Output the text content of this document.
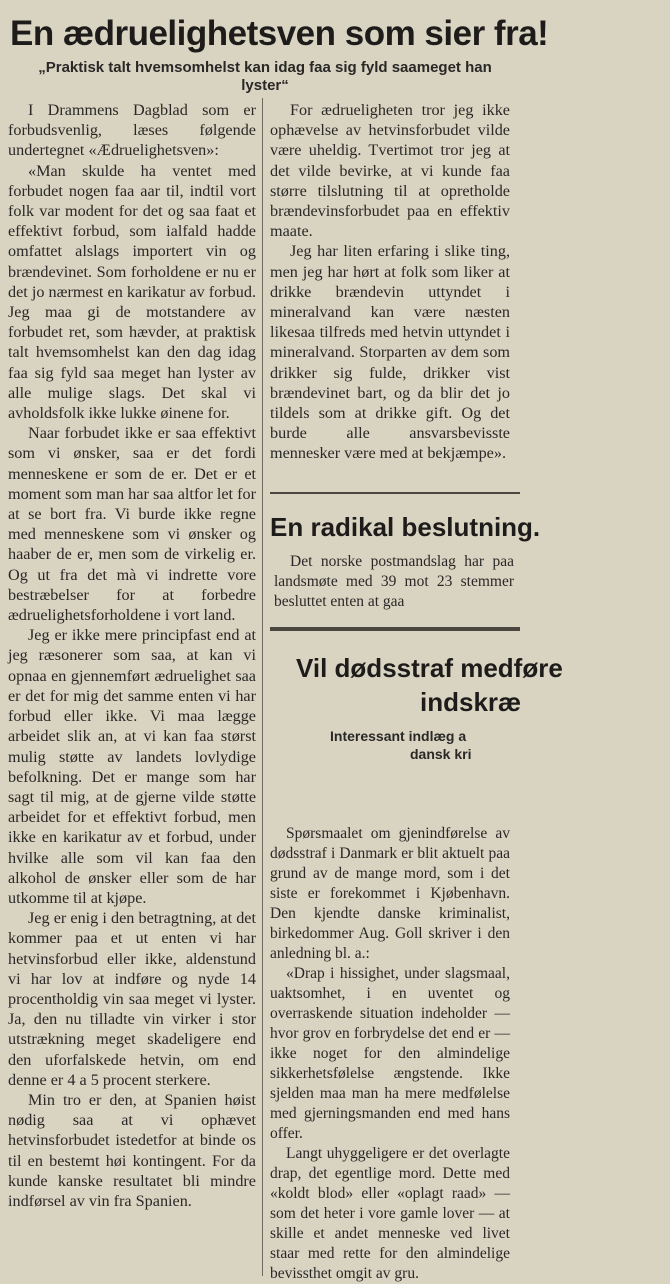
En ædruelighetsven som sier fra!
„Praktisk talt hvemsomhelst kan idag faa sig fyld saameget han lyster“

I Drammens Dagblad som er forbudsvenlig, læses følgende undertegnet «Ædruelighetsven»:

«Man skulde ha ventet med forbudet nogen faa aar til, indtil vort folk var modent for det og saa faat et effektivt forbud, som ialfald hadde omfattet alslags importert vin og brændevinet. Som forholdene er nu er det jo nærmest en karikatur av forbud. Jeg maa gi de motstandere av forbudet ret, som hævder, at praktisk talt hvemsomhelst kan den dag idag faa sig fyld saa meget han lyster av alle mulige slags. Det skal vi avholdsfolk ikke lukke øinene for.

Naar forbudet ikke er saa effektivt som vi ønsker, saa er det fordi menneskene er som de er. Det er et moment som man har saa altfor let for at se bort fra. Vi burde ikke regne med menneskene som vi ønsker og haaber de er, men som de virkelig er. Og ut fra det mà vi indrette vore bestræbelser for at forbedre ædruelighetsforholdene i vort land.

Jeg er ikke mere principfast end at jeg ræsonerer som saa, at kan vi opnaa en gjennemført ædruelighet saa er det for mig det samme enten vi har forbud eller ikke. Vi maa lægge arbeidet slik an, at vi kan faa størst mulig støtte av landets lovlydige befolkning. Det er mange som har sagt til mig, at de gjerne vilde støtte arbeidet for et effektivt forbud, men ikke en karikatur av et forbud, under hvilke alle som vil kan faa den alkohol de ønsker eller som de har utkomme til at kjøpe.

Jeg er enig i den betragtning, at det kommer paa et ut enten vi har hetvinsforbud eller ikke, aldenstund vi har lov at indføre og nyde 14 procentholdig vin saa meget vi lyster. Ja, den nu tilladte vin virker i stor utstrækning meget skadeligere end den uforfalskede hetvin, om end denne er 4 a 5 procent sterkere.

Min tro er den, at Spanien høist nødig saa at vi ophævet hetvinsforbudet istedetfor at binde os til en bestemt høi kontingent. For da kunde kanske resultatet bli mindre indførsel av vin fra Spanien.

For ædrueligheten tror jeg ikke ophævelse av hetvinsforbudet vilde være uheldig. Tvertimot tror jeg at det vilde bevirke, at vi kunde faa større tilslutning til at opretholde brændevinsforbudet paa en effektiv maate.

Jeg har liten erfaring i slike ting, men jeg har hørt at folk som liker at drikke brændevin uttyndet i mineralvand kan være næsten likesaa tilfreds med hetvin uttyndet i mineralvand. Storparten av dem som drikker sig fulde, drikker vist brændevinet bart, og da blir det jo tildels som at drikke gift. Og det burde alle ansvarsbevisste mennesker være med at bekjæmpe».

En radikal beslutning.

Det norske postmandslag har paa landsmøte med 39 mot 23 stemmer besluttet enten at gaa

Vil dødsstraf medføre
indskræ
Interessant indlæg a
dansk kri

Spørsmaalet om gjenindførelse av dødsstraf i Danmark er blit aktuelt paa grund av de mange mord, som i det siste er forekommet i Kjøbenhavn. Den kjendte danske kriminalist, birkedommer Aug. Goll skriver i den anledning bl. a.:

«Drap i hissighet, under slagsmaal, uaktsomhet, i en uventet og overraskende situation indeholder — hvor grov en forbrydelse det end er — ikke noget for den almindelige sikkerhetsfølelse ængstende. Ikke sjelden maa man ha mere medfølelse med gjerningsmanden end med hans offer.

Langt uhyggeligere er det overlagte drap, det egentlige mord. Dette med «koldt blod» eller «oplagt raad» — som det heter i vore gamle lover — at skille et andet menneske ved livet staar med rette for den almindelige bevissthet omgit av gru.
